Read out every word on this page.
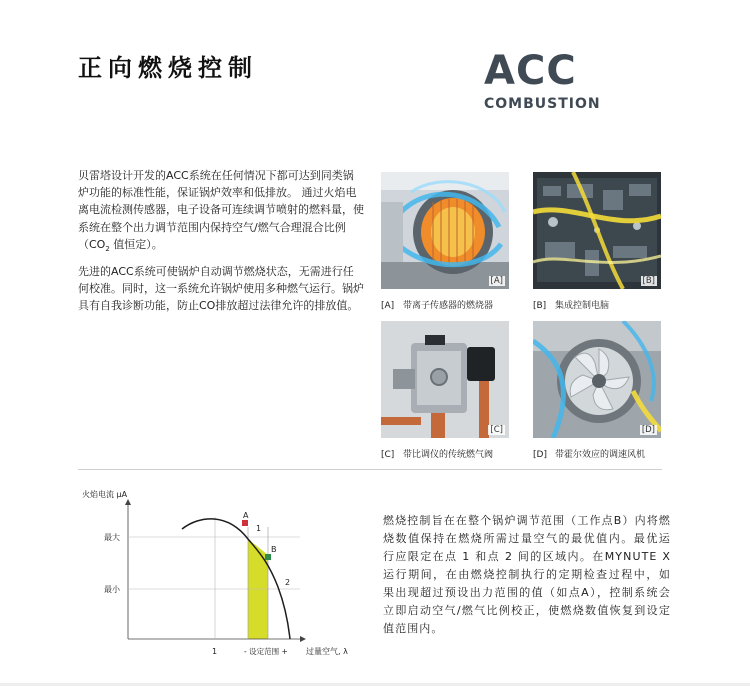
正向燃烧控制	ACC
COMBUSTION

贝雷塔设计开发的ACC系统在任何情况下都可达到同类锅炉功能的标准性能，保证锅炉效率和低排放。 通过火焰电离电流检测传感器，电子设备可连续调节喷射的燃料量，使系统在整个出力调节范围内保持空气/燃气合理混合比例（$CO_2$ 值恒定）。

先进的ACC系统可使锅炉自动调节燃烧状态，无需进行任何校准。同时，这一系统允许锅炉使用多种燃气运行。锅炉具有自我诊断功能，防止CO排放超过法律允许的排放值。

[A]	[B]
[C]	[D]
[A] 带离子传感器的燃烧器	[B] 集成控制电脑
[C] 带比调仪的传统燃气阀	[D] 带霍尔效应的调速风机
火焰电流 μA
最大
最小
1	- 设定范围 + 过量空气, λ
A
B
1
2

燃烧控制旨在在整个锅炉调节范围（工作点B）内将燃烧数值保持在燃烧所需过量空气的最优值内。最优运行应限定在点 1 和点 2 间的区域内。在MYNUTE X运行期间，在由燃烧控制执行的定期检查过程中，如果出现超过预设出力范围的值（如点A），控制系统会立即启动空气/燃气比例校正，使燃烧数值恢复到设定值范围内。
